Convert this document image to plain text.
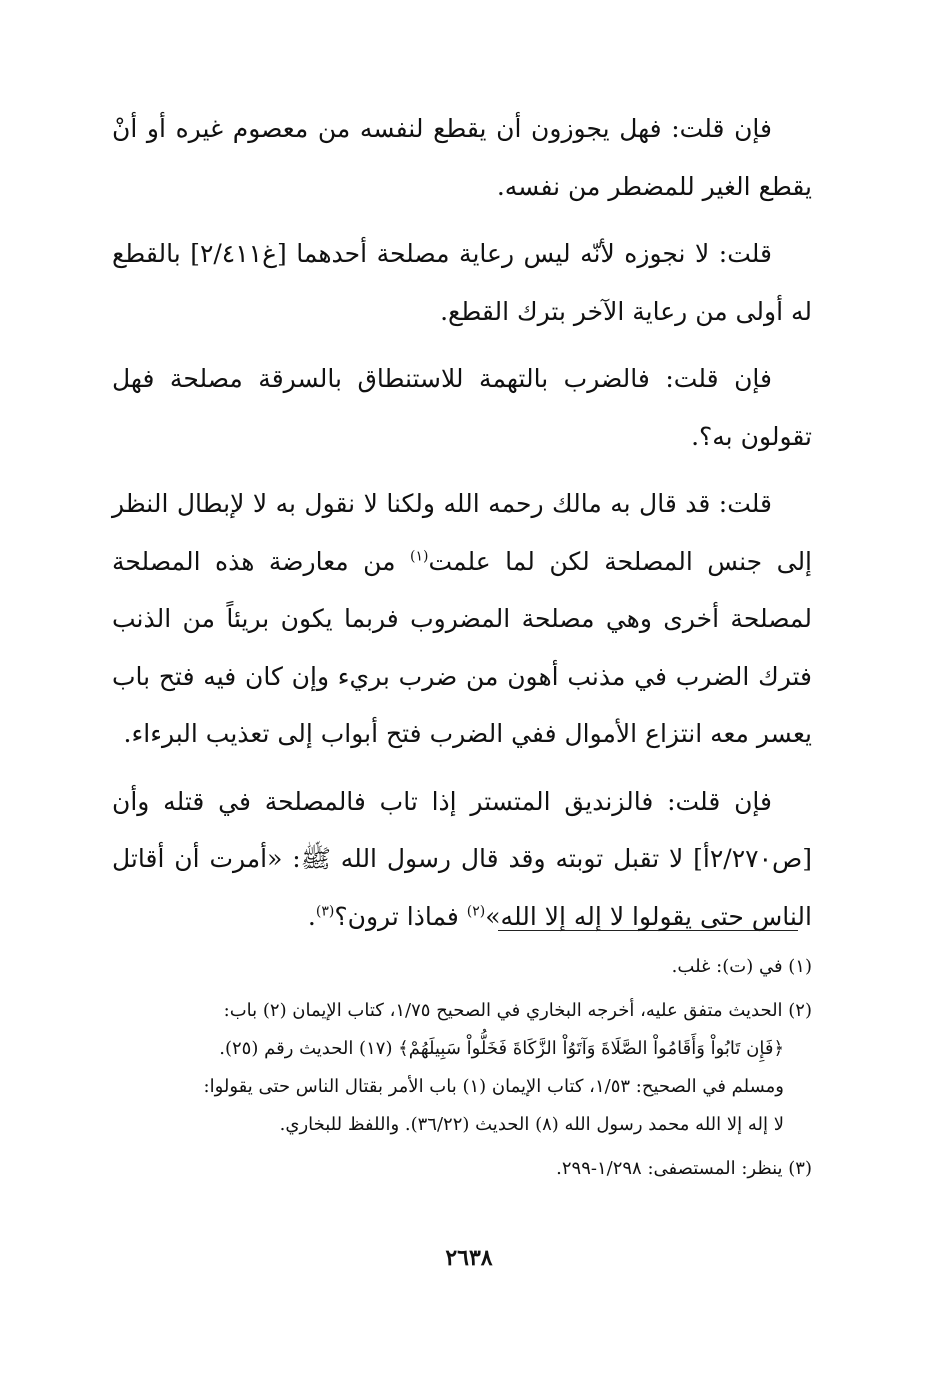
فإن قلت: فهل يجوزون أن يقطع لنفسه من معصوم غيره أو أنْ يقطع الغير للمضطر من نفسه.

قلت: لا نجوزه لأنّه ليس رعاية مصلحة أحدهما [غ٢/٤١١] بالقطع له أولى من رعاية الآخر بترك القطع.

فإن قلت: فالضرب بالتهمة للاستنطاق بالسرقة مصلحة فهل تقولون به؟.

قلت: قد قال به مالك رحمه الله ولكنا لا نقول به لا لإبطال النظر إلى جنس المصلحة لكن لما علمت$^{(١)}$ من معارضة هذه المصلحة لمصلحة أخرى وهي مصلحة المضروب فربما يكون بريئاً من الذنب فترك الضرب في مذنب أهون من ضرب بريء وإن كان فيه فتح باب يعسر معه انتزاع الأموال ففي الضرب فتح أبواب إلى تعذيب البرءاء.

فإن قلت: فالزنديق المتستر إذا تاب فالمصلحة في قتله وأن [ص٢/٢٧٠أ] لا تقبل توبته وقد قال رسول الله ﷺ: «أمرت أن أقاتل الناس حتى يقولوا لا إله إلا الله»$^{(٢)}$ فماذا ترون؟$^{(٣)}$.

(١) في (ت): غلب.
(٢) الحديث متفق عليه، أخرجه البخاري في الصحيح ١/٧٥، كتاب الإيمان (٢) باب:
﴿فَإِن تَابُواْ وَأَقَامُواْ الصَّلَاةَ وَآتَوُاْ الزَّكَاةَ فَخَلُّواْ سَبِيلَهُمْ﴾ (١٧) الحديث رقم (٢٥).
ومسلم في الصحيح: ١/٥٣، كتاب الإيمان (١) باب الأمر بقتال الناس حتى يقولوا:
لا إله إلا الله محمد رسول الله (٨) الحديث (٣٦/٢٢). واللفظ للبخاري.
(٣) ينظر: المستصفى: ١/٢٩٨-٢٩٩.
٢٦٣٨
